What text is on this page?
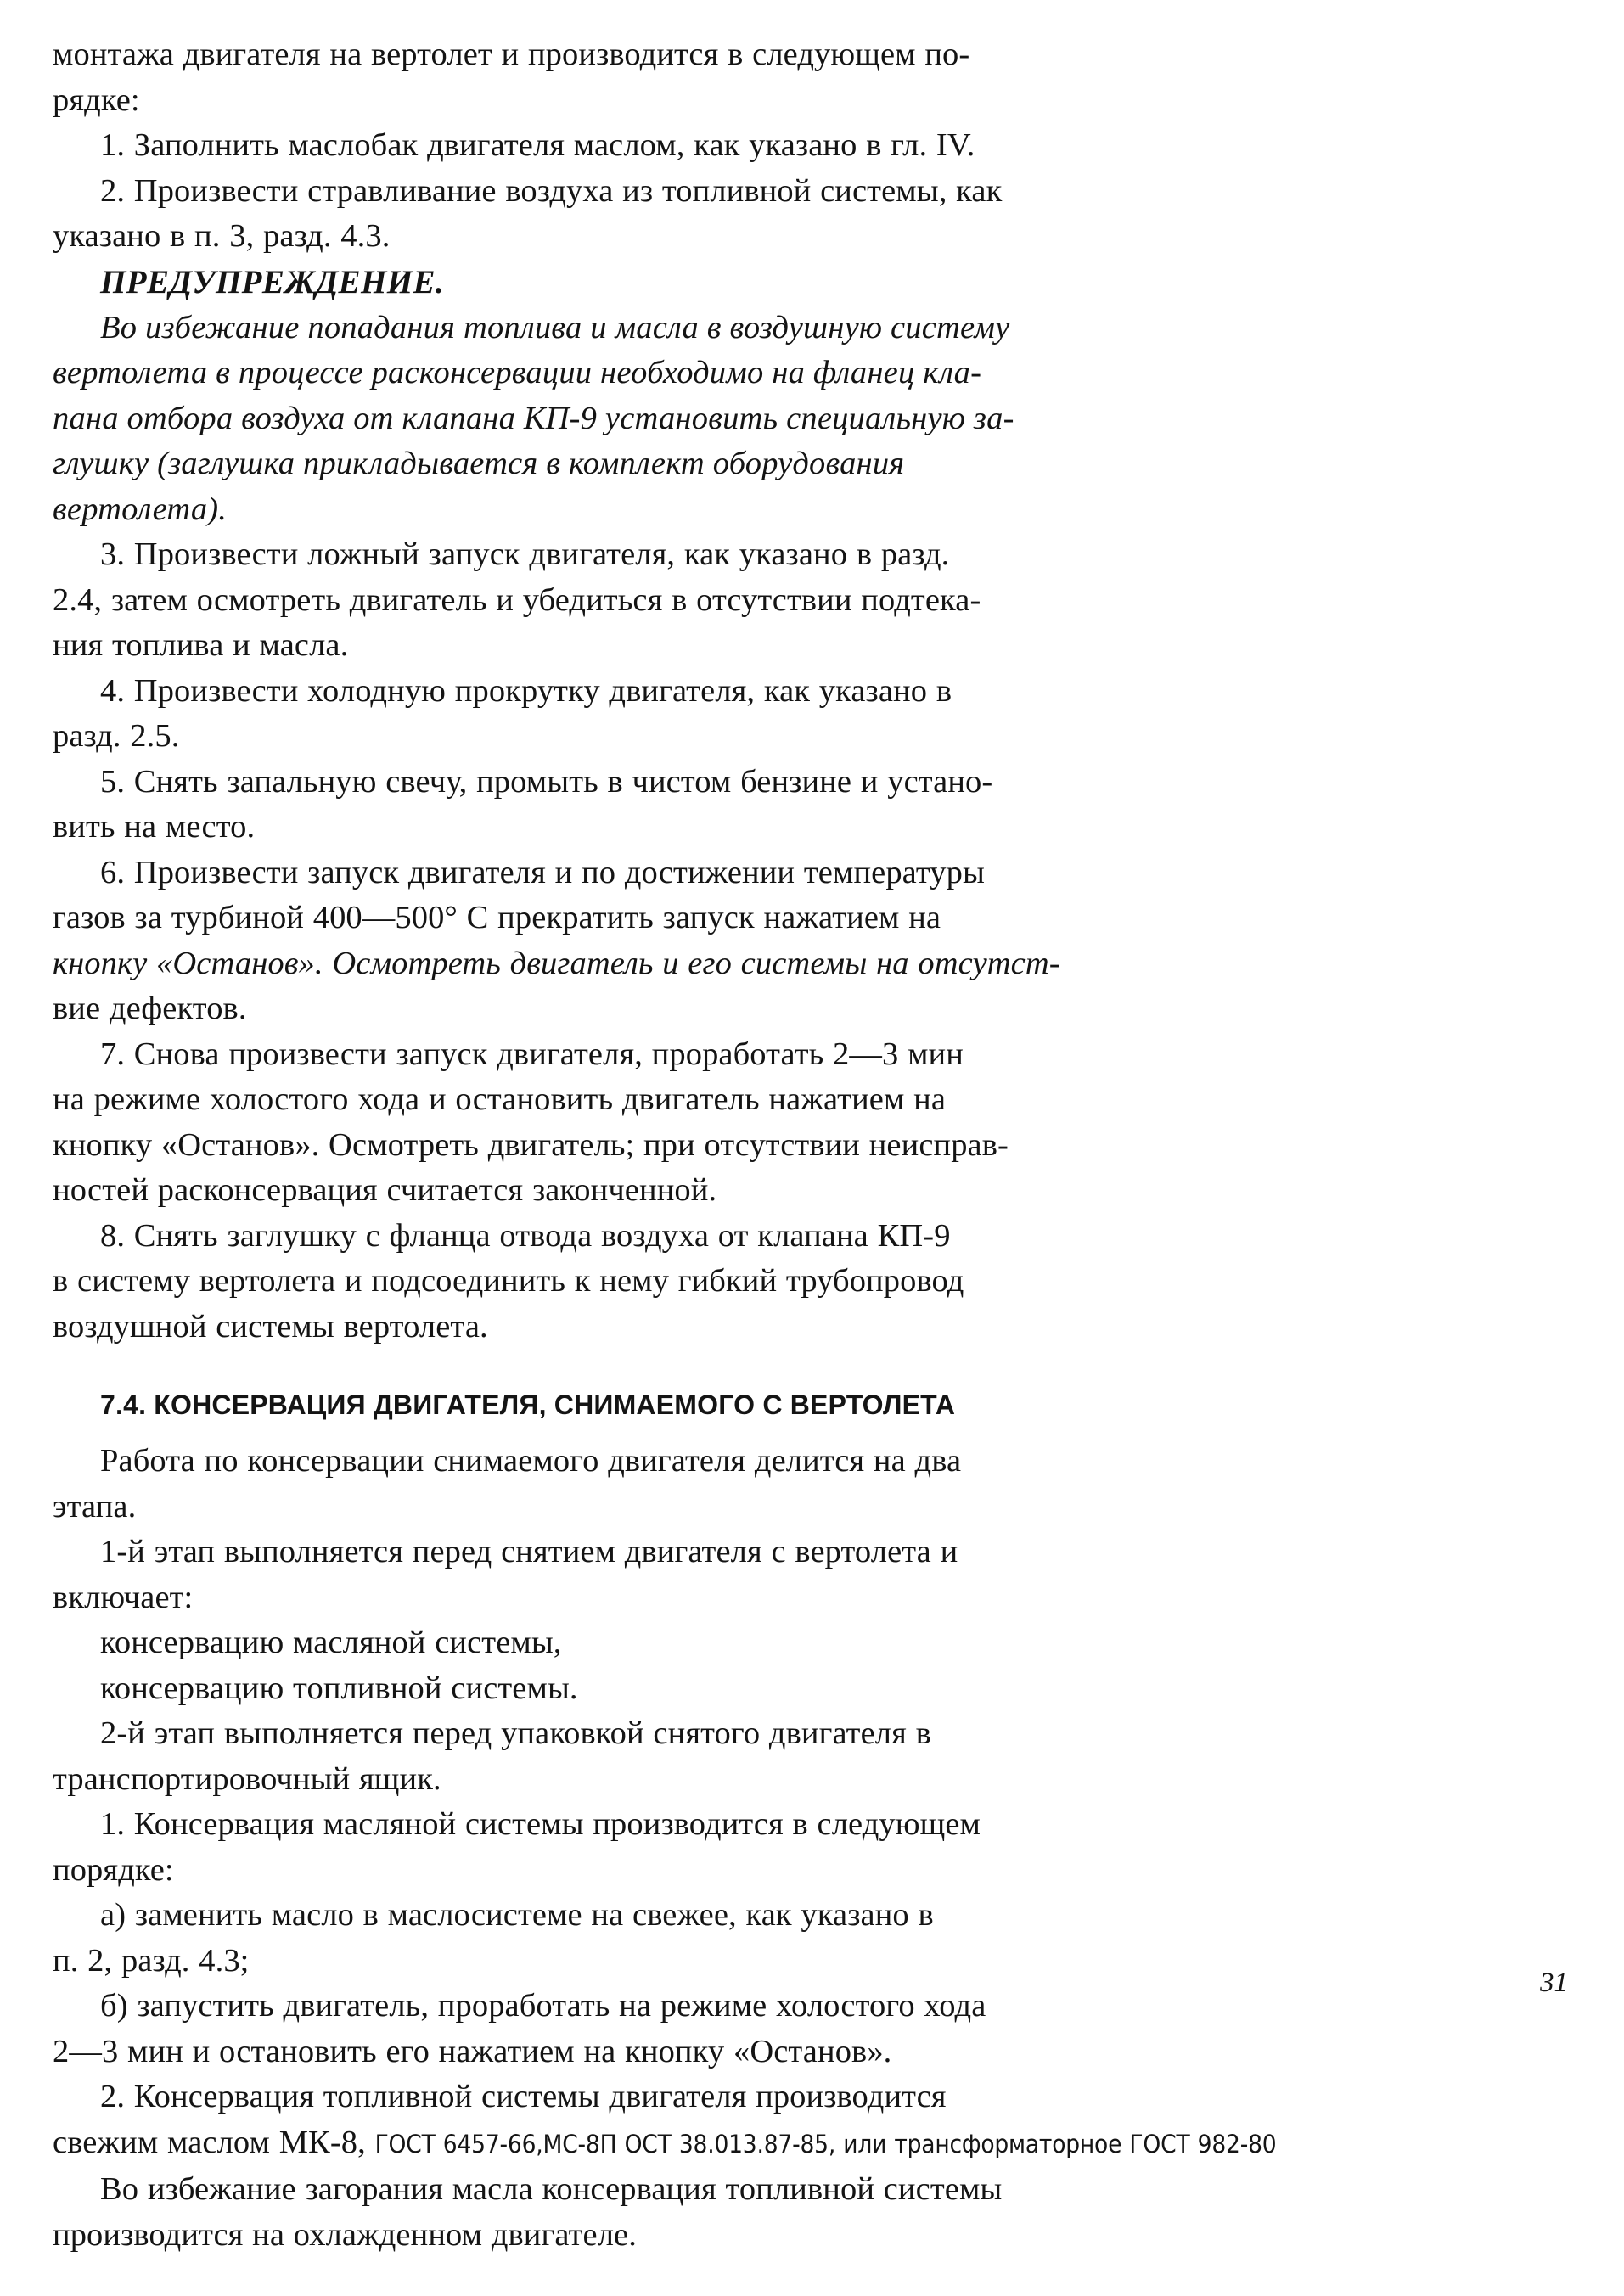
монтажа двигателя на вертолет и производится в следующем по-

рядке:

1. Заполнить маслобак двигателя маслом, как указано в гл. IV.

2. Произвести стравливание воздуха из топливной системы, как

указано в п. 3, разд. 4.3.

ПРЕДУПРЕЖДЕНИЕ.

Во избежание попадания топлива и масла в воздушную систему

вертолета в процессе расконсервации необходимо на фланец кла-

пана отбора воздуха от клапана КП-9 установить специальную за-

глушку (заглушка прикладывается в комплект оборудования

вертолета).

3. Произвести ложный запуск двигателя, как указано в разд.

2.4, затем осмотреть двигатель и убедиться в отсутствии подтека-

ния топлива и масла.

4. Произвести холодную прокрутку двигателя, как указано в

разд. 2.5.

5. Снять запальную свечу, промыть в чистом бензине и устано-

вить на место.

6. Произвести запуск двигателя и по достижении температуры

газов за турбиной 400—500° С прекратить запуск нажатием на

кнопку «Останов». Осмотреть двигатель и его системы на отсутст-

вие дефектов.

7. Снова произвести запуск двигателя, проработать 2—3 мин

на режиме холостого хода и остановить двигатель нажатием на

кнопку «Останов». Осмотреть двигатель; при отсутствии неисправ-

ностей расконсервация считается законченной.

8. Снять заглушку с фланца отвода воздуха от клапана КП-9

в систему вертолета и подсоединить к нему гибкий трубопровод

воздушной системы вертолета.

7.4. КОНСЕРВАЦИЯ ДВИГАТЕЛЯ, СНИМАЕМОГО С ВЕРТОЛЕТА

Работа по консервации снимаемого двигателя делится на два

этапа.

1-й этап выполняется перед снятием двигателя с вертолета и

включает:

консервацию масляной системы,

консервацию топливной системы.

2-й этап выполняется перед упаковкой снятого двигателя в

транспортировочный ящик.

1. Консервация масляной системы производится в следующем

порядке:

а) заменить масло в маслосистеме на свежее, как указано в

п. 2, разд. 4.3;

б) запустить двигатель, проработать на режиме холостого хода

2—3 мин и остановить его нажатием на кнопку «Останов».

2. Консервация топливной системы двигателя производится

свежим маслом МК-8, ГОСТ 6457-66,МС-8П ОСТ 38.013.87-85, или трансформаторное ГОСТ 982-80

Во избежание загорания масла консервация топливной системы

производится на охлажденном двигателе.

31
